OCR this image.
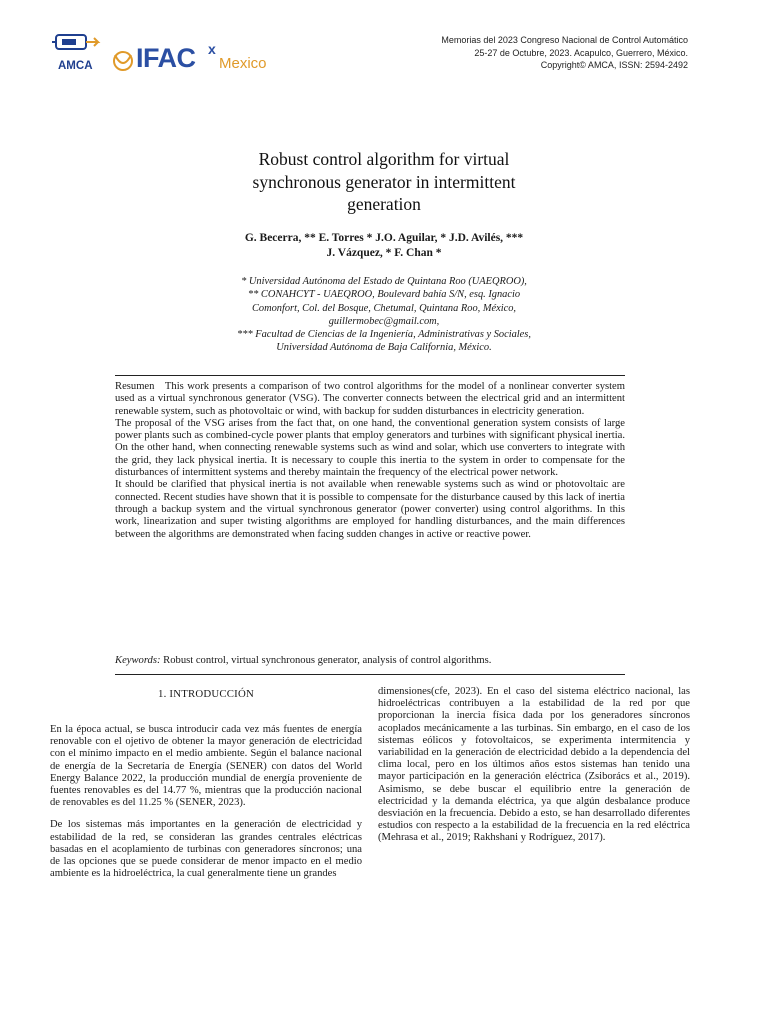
AMCA IFAC x
Mexico
Memorias del 2023 Congreso Nacional de Control Automático
25-27 de Octubre, 2023. Acapulco, Guerrero, México.
Copyright© AMCA, ISSN: 2594-2492
Robust control algorithm for virtual
synchronous generator in intermittent
generation
G. Becerra, ** E. Torres * J.O. Aguilar, * J.D. Avilés, ***
J. Vázquez, * F. Chan *
* Universidad Autónoma del Estado de Quintana Roo (UAEQROO),
** CONAHCYT - UAEQROO, Boulevard bahía S/N, esq. Ignacio
Comonfort, Col. del Bosque, Chetumal, Quintana Roo, México,
guillermobec@gmail.com,
*** Facultad de Ciencias de la Ingeniería, Administrativas y Sociales,
Universidad Autónoma de Baja California, México.

Resumen This work presents a comparison of two control algorithms for the model of a nonlinear converter system used as a virtual synchronous generator (VSG). The converter connects between the electrical grid and an intermittent renewable system, such as photovoltaic or wind, with backup for sudden disturbances in electricity generation.

The proposal of the VSG arises from the fact that, on one hand, the conventional generation system consists of large power plants such as combined-cycle power plants that employ generators and turbines with significant physical inertia. On the other hand, when connecting renewable systems such as wind and solar, which use converters to integrate with the grid, they lack physical inertia. It is necessary to couple this inertia to the system in order to compensate for the disturbances of intermittent systems and thereby maintain the frequency of the electrical power network.

It should be clarified that physical inertia is not available when renewable systems such as wind or photovoltaic are connected. Recent studies have shown that it is possible to compensate for the disturbance caused by this lack of inertia through a backup system and the virtual synchronous generator (power converter) using control algorithms. In this work, linearization and super twisting algorithms are employed for handling disturbances, and the main differences between the algorithms are demonstrated when facing sudden changes in active or reactive power.

Keywords: Robust control, virtual synchronous generator, analysis of control algorithms.
1. INTRODUCCIÓN

En la época actual, se busca introducir cada vez más fuentes de energía renovable con el ojetivo de obtener la mayor generación de electricidad con el mínimo impacto en el medio ambiente. Según el balance nacional de energía de la Secretaría de Energía (SENER) con datos del World Energy Balance 2022, la producción mundial de energía proveniente de fuentes renovables es del 14.77 %, mientras que la producción nacional de renovables es del 11.25 % (SENER, 2023).

De los sistemas más importantes en la generación de electricidad y estabilidad de la red, se consideran las grandes centrales eléctricas basadas en el acoplamiento de turbinas con generadores síncronos; una de las opciones que se puede considerar de menor impacto en el medio ambiente es la hidroeléctrica, la cual generalmente tiene un grandes

dimensiones(cfe, 2023). En el caso del sistema eléctrico nacional, las hidroeléctricas contribuyen a la estabilidad de la red por que proporcionan la inercia física dada por los generadores síncronos acoplados mecánicamente a las turbinas. Sin embargo, en el caso de los sistemas eólicos y fotovoltaicos, se experimenta intermitencia y variabilidad en la generación de electricidad debido a la dependencia del clima local, pero en los últimos años estos sistemas han tenido una mayor participación en la generación eléctrica (Zsiborács et al., 2019). Asimismo, se debe buscar el equilibrio entre la generación de electricidad y la demanda eléctrica, ya que algún desbalance produce desviación en la frecuencia. Debido a esto, se han desarrollado diferentes estudios con respecto a la estabilidad de la frecuencia en la red eléctrica (Mehrasa et al., 2019; Rakhshani y Rodríguez, 2017).
